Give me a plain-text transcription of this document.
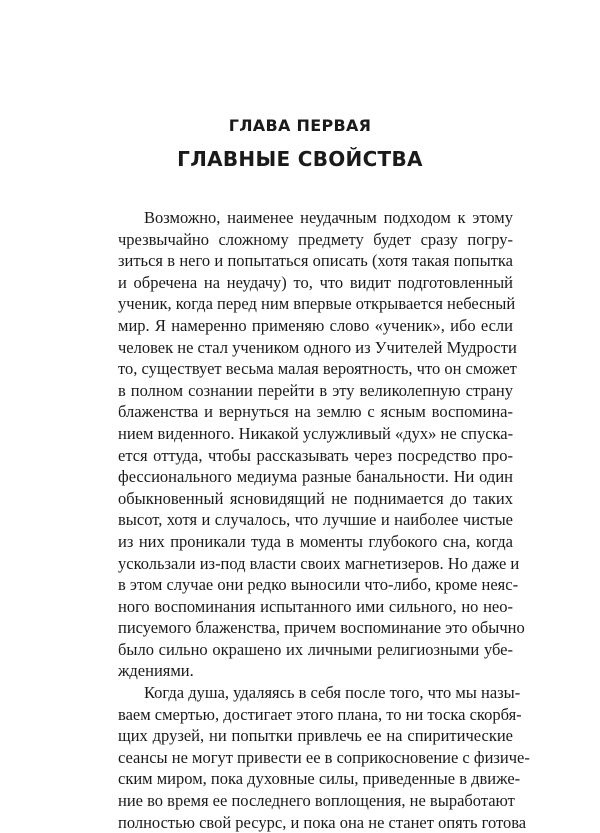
ГЛАВА ПЕРВАЯ
ГЛАВНЫЕ СВОЙСТВА
Возможно, наименее неудачным подходом к этому
чрезвычайно сложному предмету будет сразу погру-
зиться в него и попытаться описать (хотя такая попытка
и обречена на неудачу) то, что видит подготовленный
ученик, когда перед ним впервые открывается небесный
мир. Я намеренно применяю слово «ученик», ибо если
человек не стал учеником одного из Учителей Мудрости
то, существует весьма малая вероятность, что он сможет
в полном сознании перейти в эту великолепную страну
блаженства и вернуться на землю с ясным воспомина-
нием виденного. Никакой услужливый «дух» не спуска-
ется оттуда, чтобы рассказывать через посредство про-
фессионального медиума разные банальности. Ни один
обыкновенный ясновидящий не поднимается до таких
высот, хотя и случалось, что лучшие и наиболее чистые
из них проникали туда в моменты глубокого сна, когда
ускользали из-под власти своих магнетизеров. Но даже и
в этом случае они редко выносили что-либо, кроме неяс-
ного воспоминания испытанного ими сильного, но нео-
писуемого блаженства, причем воспоминание это обычно
было сильно окрашено их личными религиозными убе-
ждениями.
Когда душа, удаляясь в себя после того, что мы назы-
ваем смертью, достигает этого плана, то ни тоска скорбя-
щих друзей, ни попытки привлечь ее на спиритические
сеансы не могут привести ее в соприкосновение с физиче-
ским миром, пока духовные силы, приведенные в движе-
ние во время ее последнего воплощения, не выработают
полностью свой ресурс, и пока она не станет опять готова
